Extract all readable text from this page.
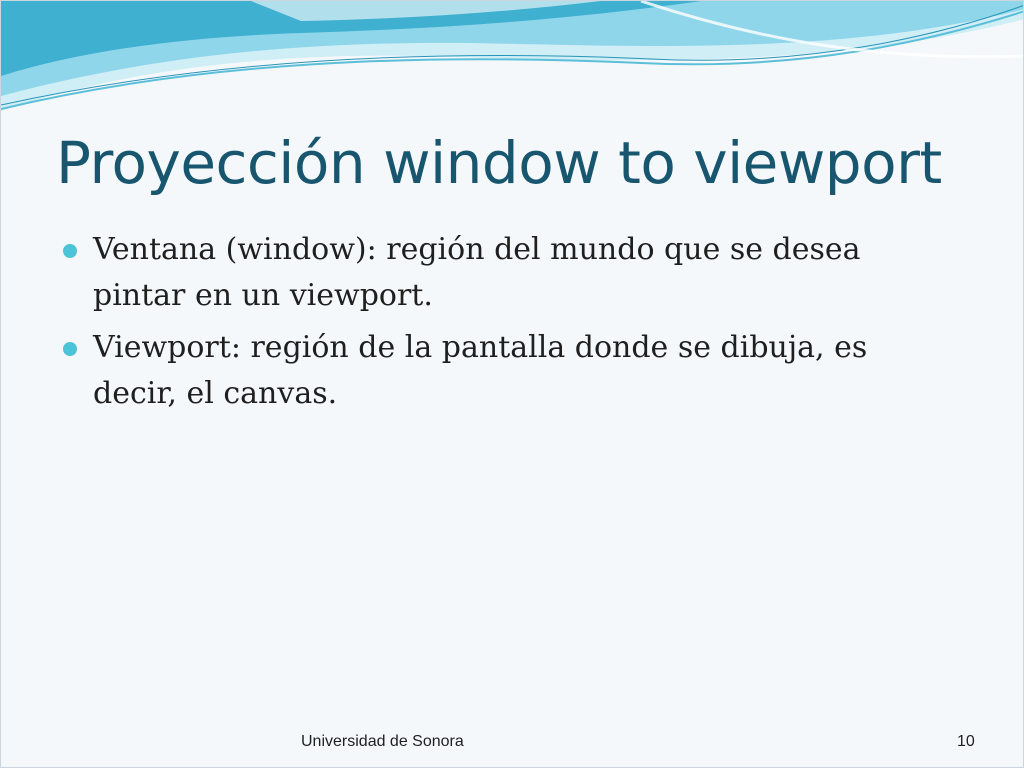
Proyección window to viewport
Ventana (window): región del mundo que se desea pintar en un viewport.
Viewport: región de la pantalla donde se dibuja, es decir, el canvas.
Universidad de Sonora	10
